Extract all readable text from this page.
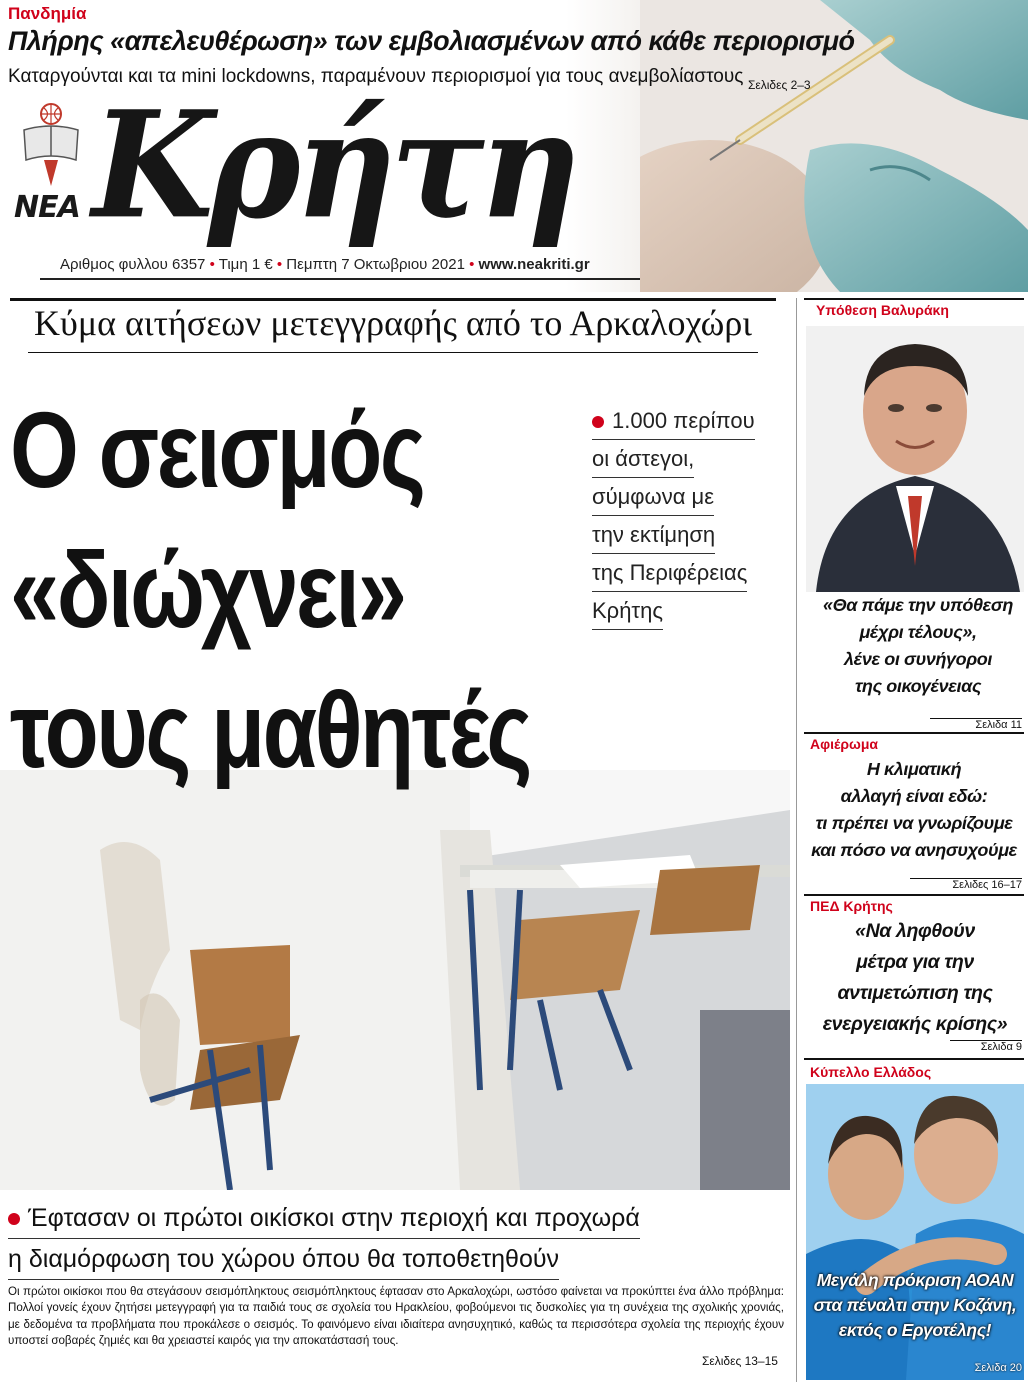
Πανδημία
Πλήρης «απελευθέρωση» των εμβολιασμένων από κάθε περιορισμό
Καταργούνται και τα mini lockdowns, παραμένουν περιορισμοί για τους ανεμβολίαστους Σελιδες 2–3
ΝΕΑ Κρήτη
Αριθμος φυλλου 6357 • Τιμη 1 € • Πεμπτη 7 Οκτωβριου 2021 • www.neakriti.gr
Κύμα αιτήσεων μετεγγραφής από το Αρκαλοχώρι
Ο σεισμός
«διώχνει»
τους μαθητές
1.000 περίπου
οι άστεγοι,
σύμφωνα με
την εκτίμηση
της Περιφέρειας
Κρήτης
Έφτασαν οι πρώτοι οικίσκοι στην περιοχή και προχωρά
η διαμόρφωση του χώρου όπου θα τοποθετηθούν
Οι πρώτοι οικίσκοι που θα στεγάσουν σεισμόπληκτους σεισμόπληκτους έφτασαν στο Αρκαλοχώρι, ωστόσο φαίνεται να προκύπτει ένα άλλο πρόβλημα: Πολλοί γονείς έχουν ζητήσει μετεγγραφή για τα παιδιά τους σε σχολεία του Ηρακλείου, φοβούμενοι τις δυσκολίες για τη συνέχεια της σχολικής χρονιάς, με δεδομένα τα προβλήματα που προκάλεσε ο σεισμός. Το φαινόμενο είναι ιδιαίτερα ανησυχητικό, καθώς τα περισσότερα σχολεία της περιοχής έχουν υποστεί σοβαρές ζημιές και θα χρειαστεί καιρός για την αποκατάστασή τους.
Σελιδες 13–15
Υπόθεση Βαλυράκη
«Θα πάμε την υπόθεση
μέχρι τέλους»,
λένε οι συνήγοροι
της οικογένειας
Σελιδα 11
Αφιέρωμα
Η κλιματική
αλλαγή είναι εδώ:
τι πρέπει να γνωρίζουμε
και πόσο να ανησυχούμε
Σελιδες 16–17
ΠΕΔ Κρήτης
«Να ληφθούν
μέτρα για την
αντιμετώπιση της
ενεργειακής κρίσης»
Σελιδα 9
Κύπελλο Ελλάδος
Μεγάλη πρόκριση ΑΟΑΝ
στα πέναλτι στην Κοζάνη,
εκτός ο Εργοτέλης!
Σελιδα 20
